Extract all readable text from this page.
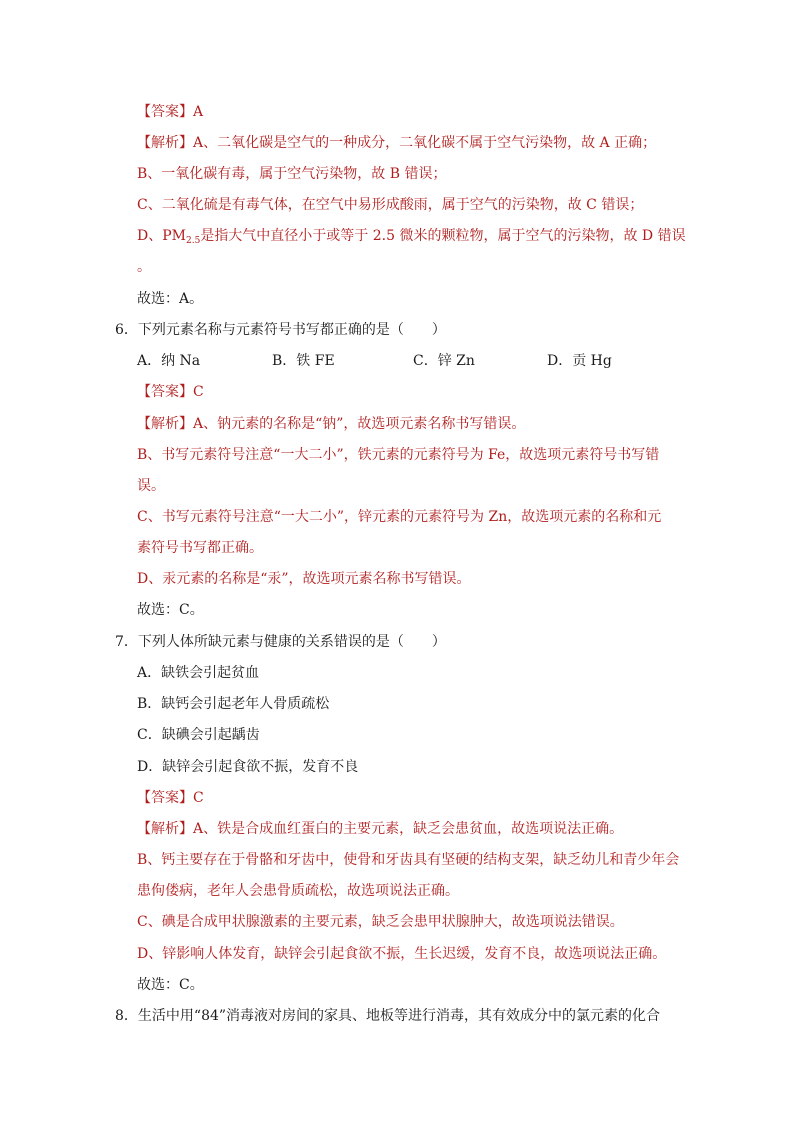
【答案】A
【解析】A、二氧化碳是空气的一种成分，二氧化碳不属于空气污染物，故 A 正确；
B、一氧化碳有毒，属于空气污染物，故 B 错误；
C、二氧化硫是有毒气体，在空气中易形成酸雨，属于空气的污染物，故 C 错误；
D、$PM_{2.5}$是指大气中直径小于或等于 2.5 微米的颗粒物，属于空气的污染物，故 D 错误
。
故选：A。
6．下列元素名称与元素符号书写都正确的是（　　）
A．纳 Na	B．铁 FE	C．锌 Zn	D．贡 Hg
【答案】C
【解析】A、钠元素的名称是“钠”，故选项元素名称书写错误。
B、书写元素符号注意“一大二小”，铁元素的元素符号为 Fe，故选项元素符号书写错
误。
C、书写元素符号注意“一大二小”，锌元素的元素符号为 Zn，故选项元素的名称和元
素符号书写都正确。
D、汞元素的名称是“汞”，故选项元素名称书写错误。
故选：C。
7．下列人体所缺元素与健康的关系错误的是（　　）
A．缺铁会引起贫血
B．缺钙会引起老年人骨质疏松
C．缺碘会引起龋齿
D．缺锌会引起食欲不振，发育不良
【答案】C
【解析】A、铁是合成血红蛋白的主要元素，缺乏会患贫血，故选项说法正确。
B、钙主要存在于骨骼和牙齿中，使骨和牙齿具有坚硬的结构支架，缺乏幼儿和青少年会
患佝偻病，老年人会患骨质疏松，故选项说法正确。
C、碘是合成甲状腺激素的主要元素，缺乏会患甲状腺肿大，故选项说法错误。
D、锌影响人体发育，缺锌会引起食欲不振，生长迟缓，发育不良，故选项说法正确。
故选：C。
8．生活中用“84”消毒液对房间的家具、地板等进行消毒，其有效成分中的氯元素的化合
